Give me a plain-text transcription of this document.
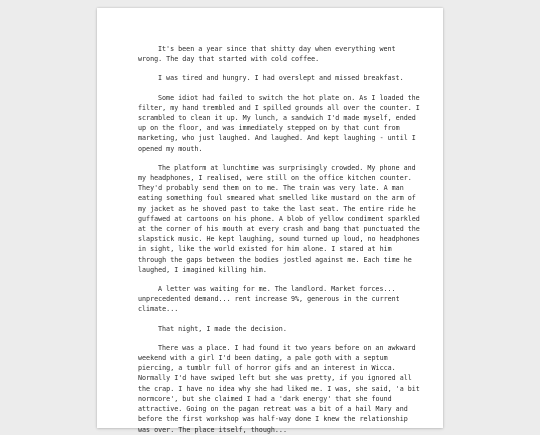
It's been a year since that shitty day when everything went wrong. The day that started with cold coffee.

I was tired and hungry. I had overslept and missed breakfast.

Some idiot had failed to switch the hot plate on. As I loaded the filter, my hand trembled and I spilled grounds all over the counter. I scrambled to clean it up. My lunch, a sandwich I'd made myself, ended up on the floor, and was immediately stepped on by that cunt from marketing, who just laughed. And laughed. And kept laughing - until I opened my mouth.

The platform at lunchtime was surprisingly crowded. My phone and my headphones, I realised, were still on the office kitchen counter. They'd probably send them on to me. The train was very late. A man eating something foul smeared what smelled like mustard on the arm of my jacket as he shoved past to take the last seat. The entire ride he guffawed at cartoons on his phone. A blob of yellow condiment sparkled at the corner of his mouth at every crash and bang that punctuated the slapstick music. He kept laughing, sound turned up loud, no headphones in sight, like the world existed for him alone. I stared at him through the gaps between the bodies jostled against me. Each time he laughed, I imagined killing him.

A letter was waiting for me. The landlord. Market forces... unprecedented demand... rent increase 9%, generous in the current climate...

That night, I made the decision.

There was a place. I had found it two years before on an awkward weekend with a girl I'd been dating, a pale goth with a septum piercing, a tumblr full of horror gifs and an interest in Wicca. Normally I'd have swiped left but she was pretty, if you ignored all the crap. I have no idea why she had liked me. I was, she said, 'a bit normcore', but she claimed I had a 'dark energy' that she found attractive. Going on the pagan retreat was a bit of a hail Mary and before the first workshop was half-way done I knew the relationship was over. The place itself, though...
